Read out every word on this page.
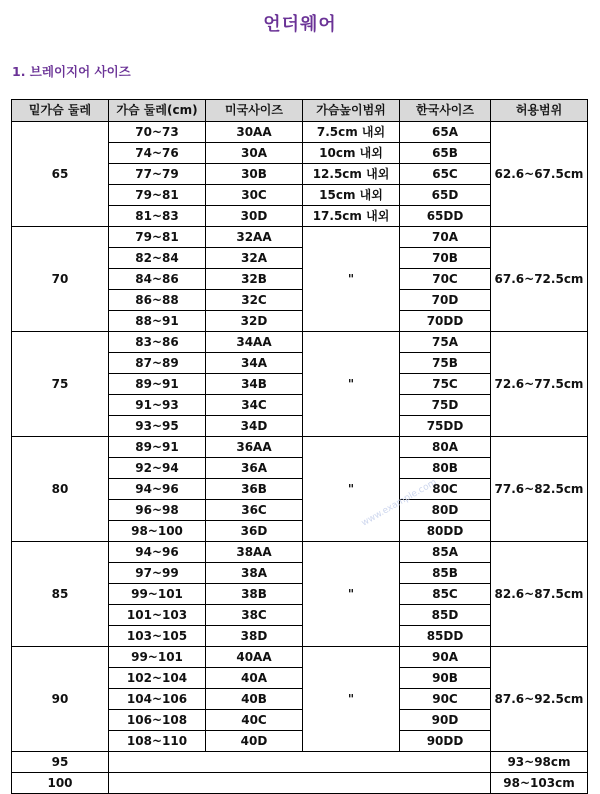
언더웨어
1. 브레이지어 사이즈
밑가슴 둘레	가슴 둘레(cm)	미국사이즈	가슴높이범위	한국사이즈	허용범위
65	70~73	30AA	7.5cm 내외	65A	62.6~67.5cm
	74~76	30A	10cm 내외	65B	
	77~79	30B	12.5cm 내외	65C	
	79~81	30C	15cm 내외	65D	
	81~83	30D	17.5cm 내외	65DD	
70	79~81	32AA	"	70A	67.6~72.5cm
	82~84	32A		70B	
	84~86	32B		70C	
	86~88	32C		70D	
	88~91	32D		70DD	
75	83~86	34AA	"	75A	72.6~77.5cm
	87~89	34A		75B	
	89~91	34B		75C	
	91~93	34C		75D	
	93~95	34D		75DD	
80	89~91	36AA	"	80A	77.6~82.5cm
	92~94	36A		80B	
	94~96	36B		80C	
	96~98	36C		80D	
	98~100	36D		80DD	
85	94~96	38AA	"	85A	82.6~87.5cm
	97~99	38A		85B	
	99~101	38B		85C	
	101~103	38C		85D	
	103~105	38D		85DD	
90	99~101	40AA	"	90A	87.6~92.5cm
	102~104	40A		90B	
	104~106	40B		90C	
	106~108	40C		90D	
	108~110	40D		90DD	
95					93~98cm
100					98~103cm
www.example.com
